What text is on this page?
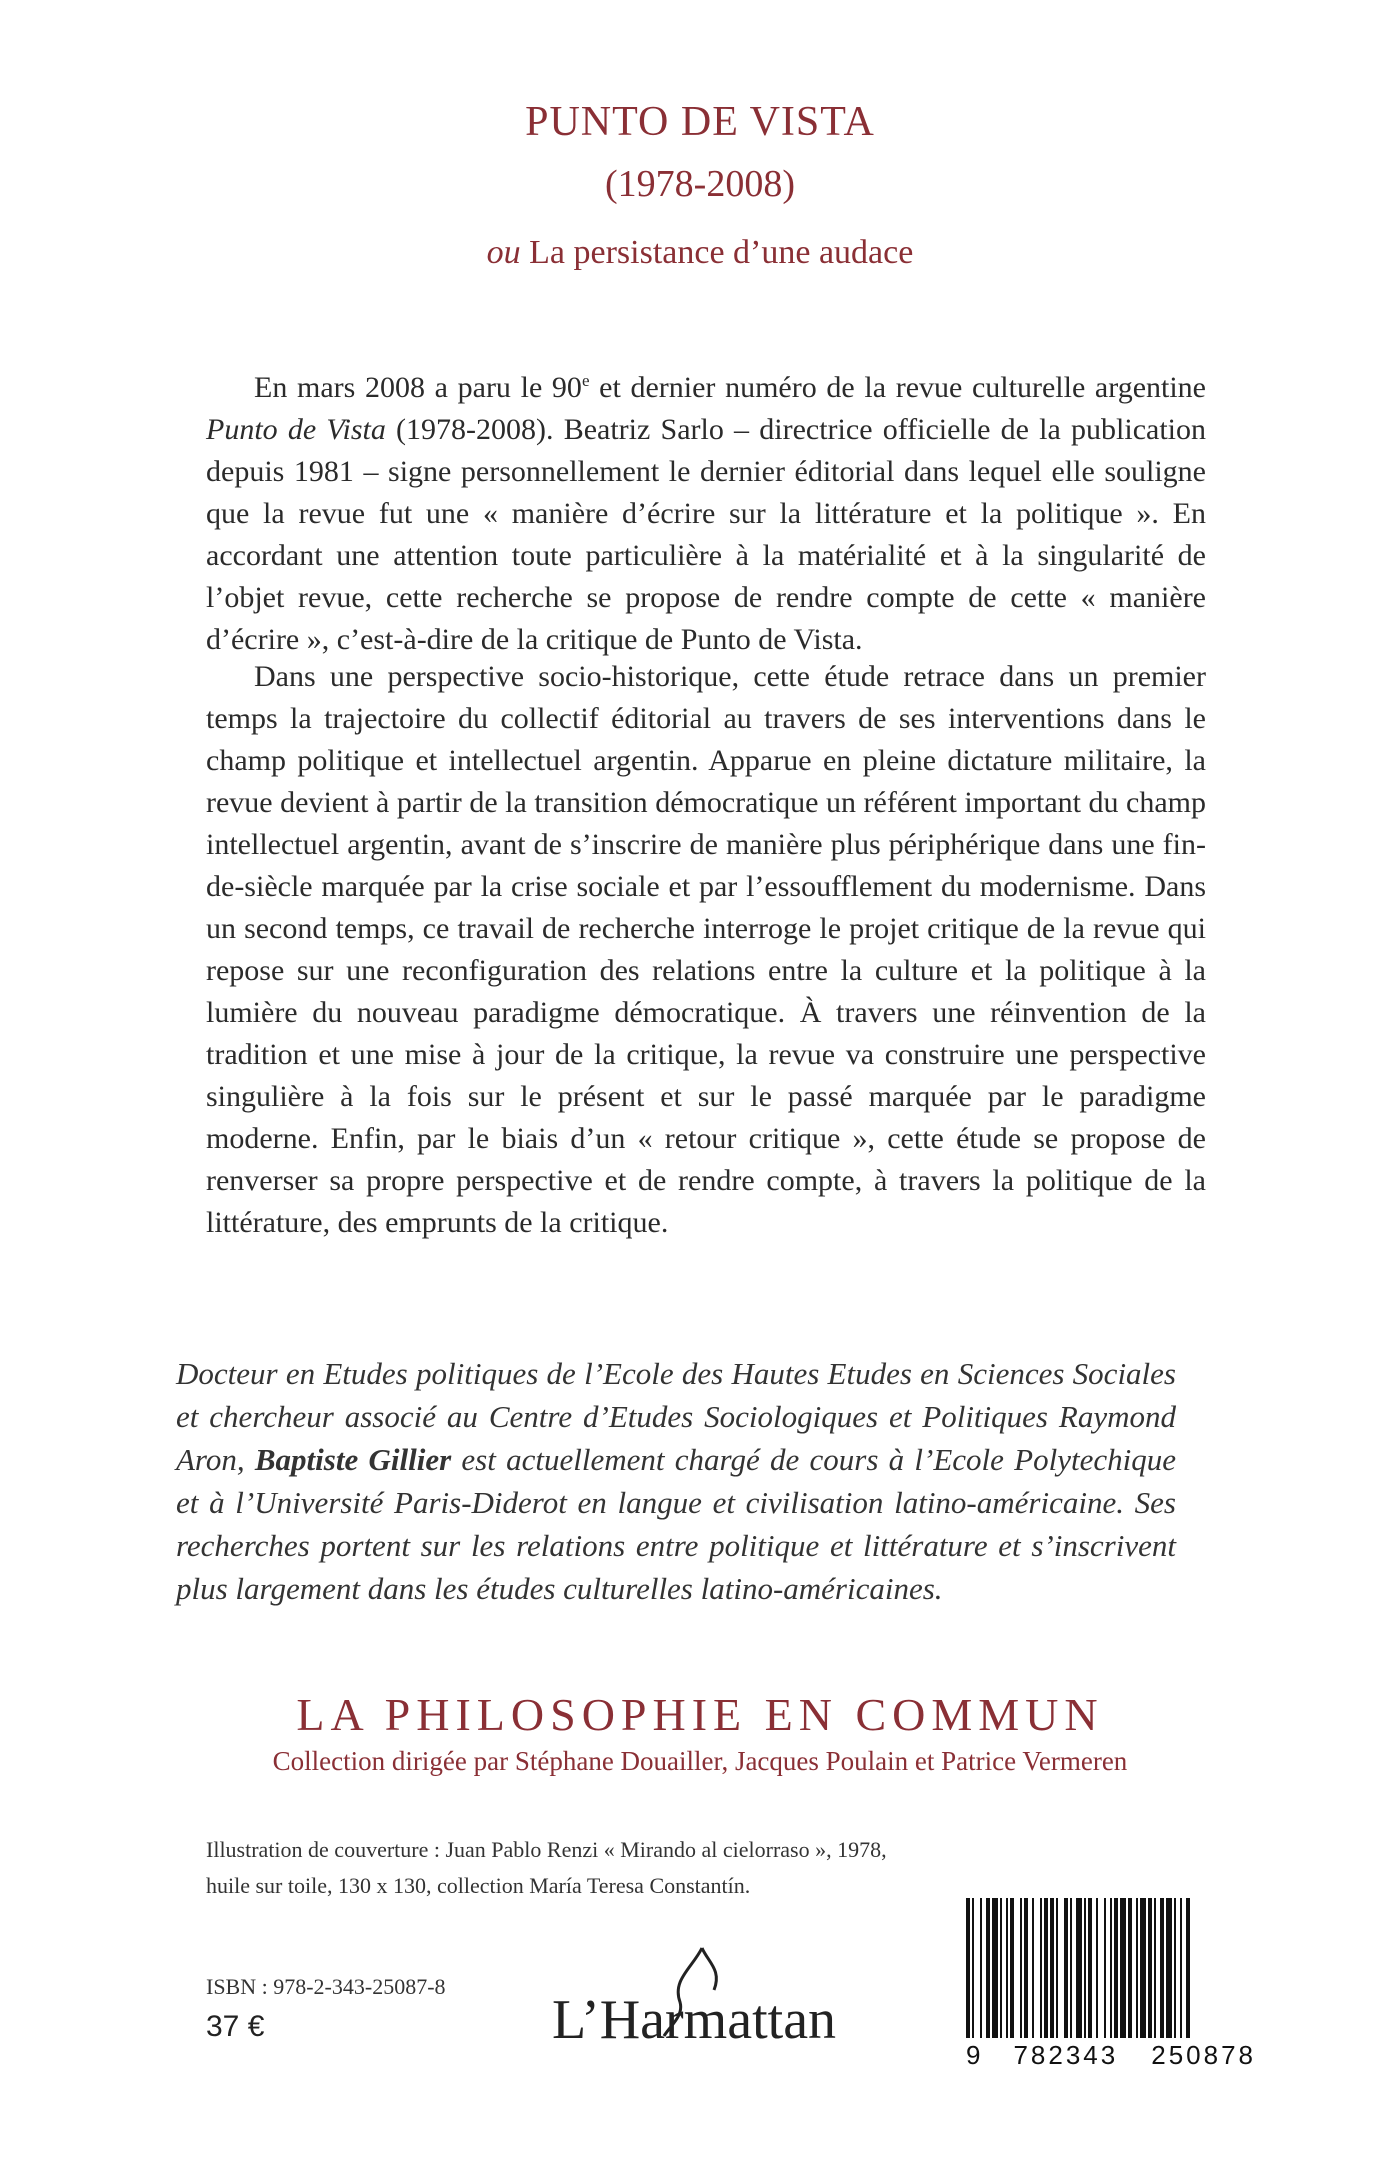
PUNTO DE VISTA
(1978-2008)
ou La persistance d’une audace

En mars 2008 a paru le 90e et dernier numéro de la revue culturelle argentine Punto de Vista (1978-2008). Beatriz Sarlo – directrice officielle de la publication depuis 1981 – signe personnellement le dernier éditorial dans lequel elle souligne que la revue fut une « manière d’écrire sur la littérature et la politique ». En accordant une attention toute particulière à la matérialité et à la singularité de l’objet revue, cette recherche se propose de rendre compte de cette « manière d’écrire », c’est-à-dire de la critique de Punto de Vista.

Dans une perspective socio-historique, cette étude retrace dans un premier temps la trajectoire du collectif éditorial au travers de ses interventions dans le champ politique et intellectuel argentin. Apparue en pleine dictature militaire, la revue devient à partir de la transition démocratique un référent important du champ intellectuel argentin, avant de s’inscrire de manière plus périphérique dans une fin-de-siècle marquée par la crise sociale et par l’essoufflement du modernisme. Dans un second temps, ce travail de recherche interroge le projet critique de la revue qui repose sur une reconfiguration des relations entre la culture et la politique à la lumière du nouveau paradigme démocratique. À travers une réinvention de la tradition et une mise à jour de la critique, la revue va construire une perspective singulière à la fois sur le présent et sur le passé marquée par le paradigme moderne. Enfin, par le biais d’un « retour critique », cette étude se propose de renverser sa propre perspective et de rendre compte, à travers la politique de la littérature, des emprunts de la critique.

Docteur en Etudes politiques de l’Ecole des Hautes Etudes en Sciences Sociales et chercheur associé au Centre d’Etudes Sociologiques et Politiques Raymond Aron, Baptiste Gillier est actuellement chargé de cours à l’Ecole Polytechique et à l’Université Paris-Diderot en langue et civilisation latino-américaine. Ses recherches portent sur les relations entre politique et littérature et s’inscrivent plus largement dans les études culturelles latino-américaines.

LA PHILOSOPHIE EN COMMUN
Collection dirigée par Stéphane Douailler, Jacques Poulain et Patrice Vermeren

Illustration de couverture : Juan Pablo Renzi « Mirando al cielorraso », 1978, huile sur toile, 130 x 130, collection María Teresa Constantín.

ISBN : 978-2-343-25087-8
37 €	L’Harmattan
9 782343 250878
